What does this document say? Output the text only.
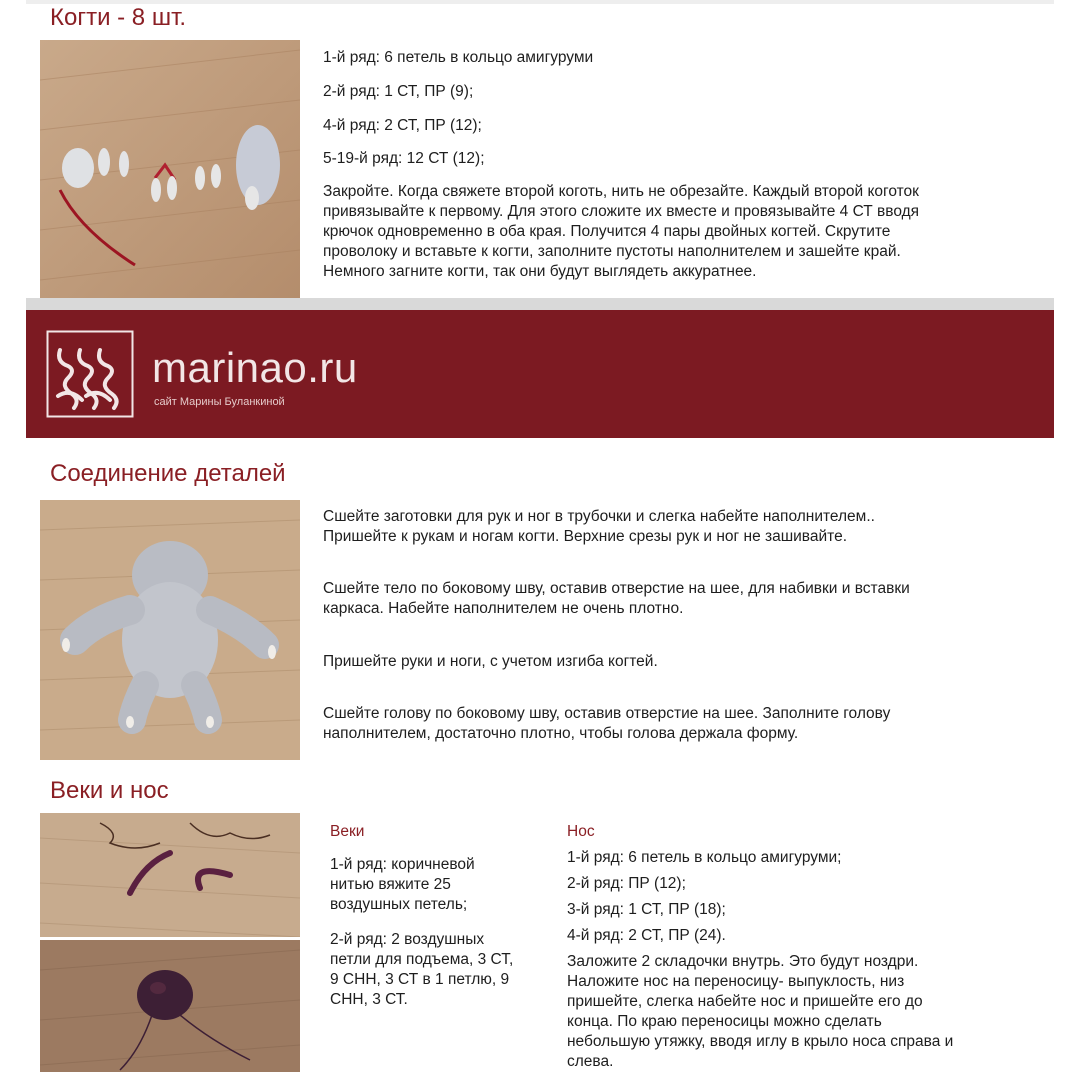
Когти - 8 шт.

1-й ряд: 6 петель в кольцо амигуруми

2-й ряд: 1 СТ, ПР (9);

4-й ряд: 2 СТ, ПР (12);

5-19-й ряд: 12 СТ (12);

Закройте. Когда свяжете второй коготь, нить не обрезайте. Каждый второй коготок

привязывайте к первому. Для этого сложите их вместе и провязывайте 4 СТ вводя

крючок одновременно в оба края. Получится 4 пары двойных когтей. Скрутите

проволоку и вставьте к когти, заполните пустоты наполнителем и зашейте край.

Немного загните когти, так они будут выглядеть аккуратнее.

marinao.ru
сайт Марины Буланкиной
Соединение деталей

Сшейте заготовки для рук и ног в трубочки и слегка набейте наполнителем..

Пришейте к рукам и ногам когти. Верхние срезы рук и ног не зашивайте.

Сшейте тело по боковому шву, оставив отверстие на шее, для набивки и вставки

каркаса. Набейте наполнителем не очень плотно.

Пришейте руки и ноги, с учетом изгиба когтей.

Сшейте голову по боковому шву, оставив отверстие на шее. Заполните голову

наполнителем, достаточно плотно, чтобы голова держала форму.

Веки и нос
Веки

1-й ряд: коричневой

нитью вяжите 25

воздушных петель;

2-й ряд: 2 воздушных

петли для подъема, 3 СТ,

9 СНН, 3 СТ в 1 петлю, 9

СНН, 3 СТ.

Нос

1-й ряд: 6 петель в кольцо амигуруми;

2-й ряд: ПР (12);

3-й ряд: 1 СТ, ПР (18);

4-й ряд: 2 СТ, ПР (24).

Заложите 2 складочки внутрь. Это будут ноздри.

Наложите нос на переносицу- выпуклость, низ

пришейте, слегка набейте нос и пришейте его до

конца. По краю переносицы можно сделать

небольшую утяжку, вводя иглу в крыло носа справа и

слева.
